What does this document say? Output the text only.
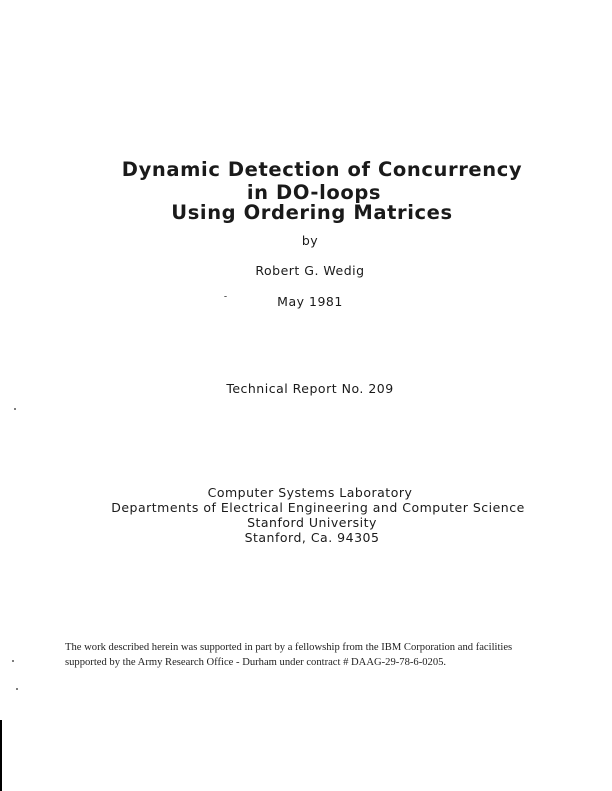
Dynamic Detection of Concurrency
in DO-loops
Using Ordering Matrices
by
Robert G. Wedig
May 1981
Technical Report No. 209
Computer Systems Laboratory
Departments of Electrical Engineering and Computer Science
Stanford University
Stanford, Ca. 94305
The work described herein was supported in part by a fellowship from the IBM Corporation and facilities
supported by the Army Research Office - Durham under contract # DAAG-29-78-6-0205.
